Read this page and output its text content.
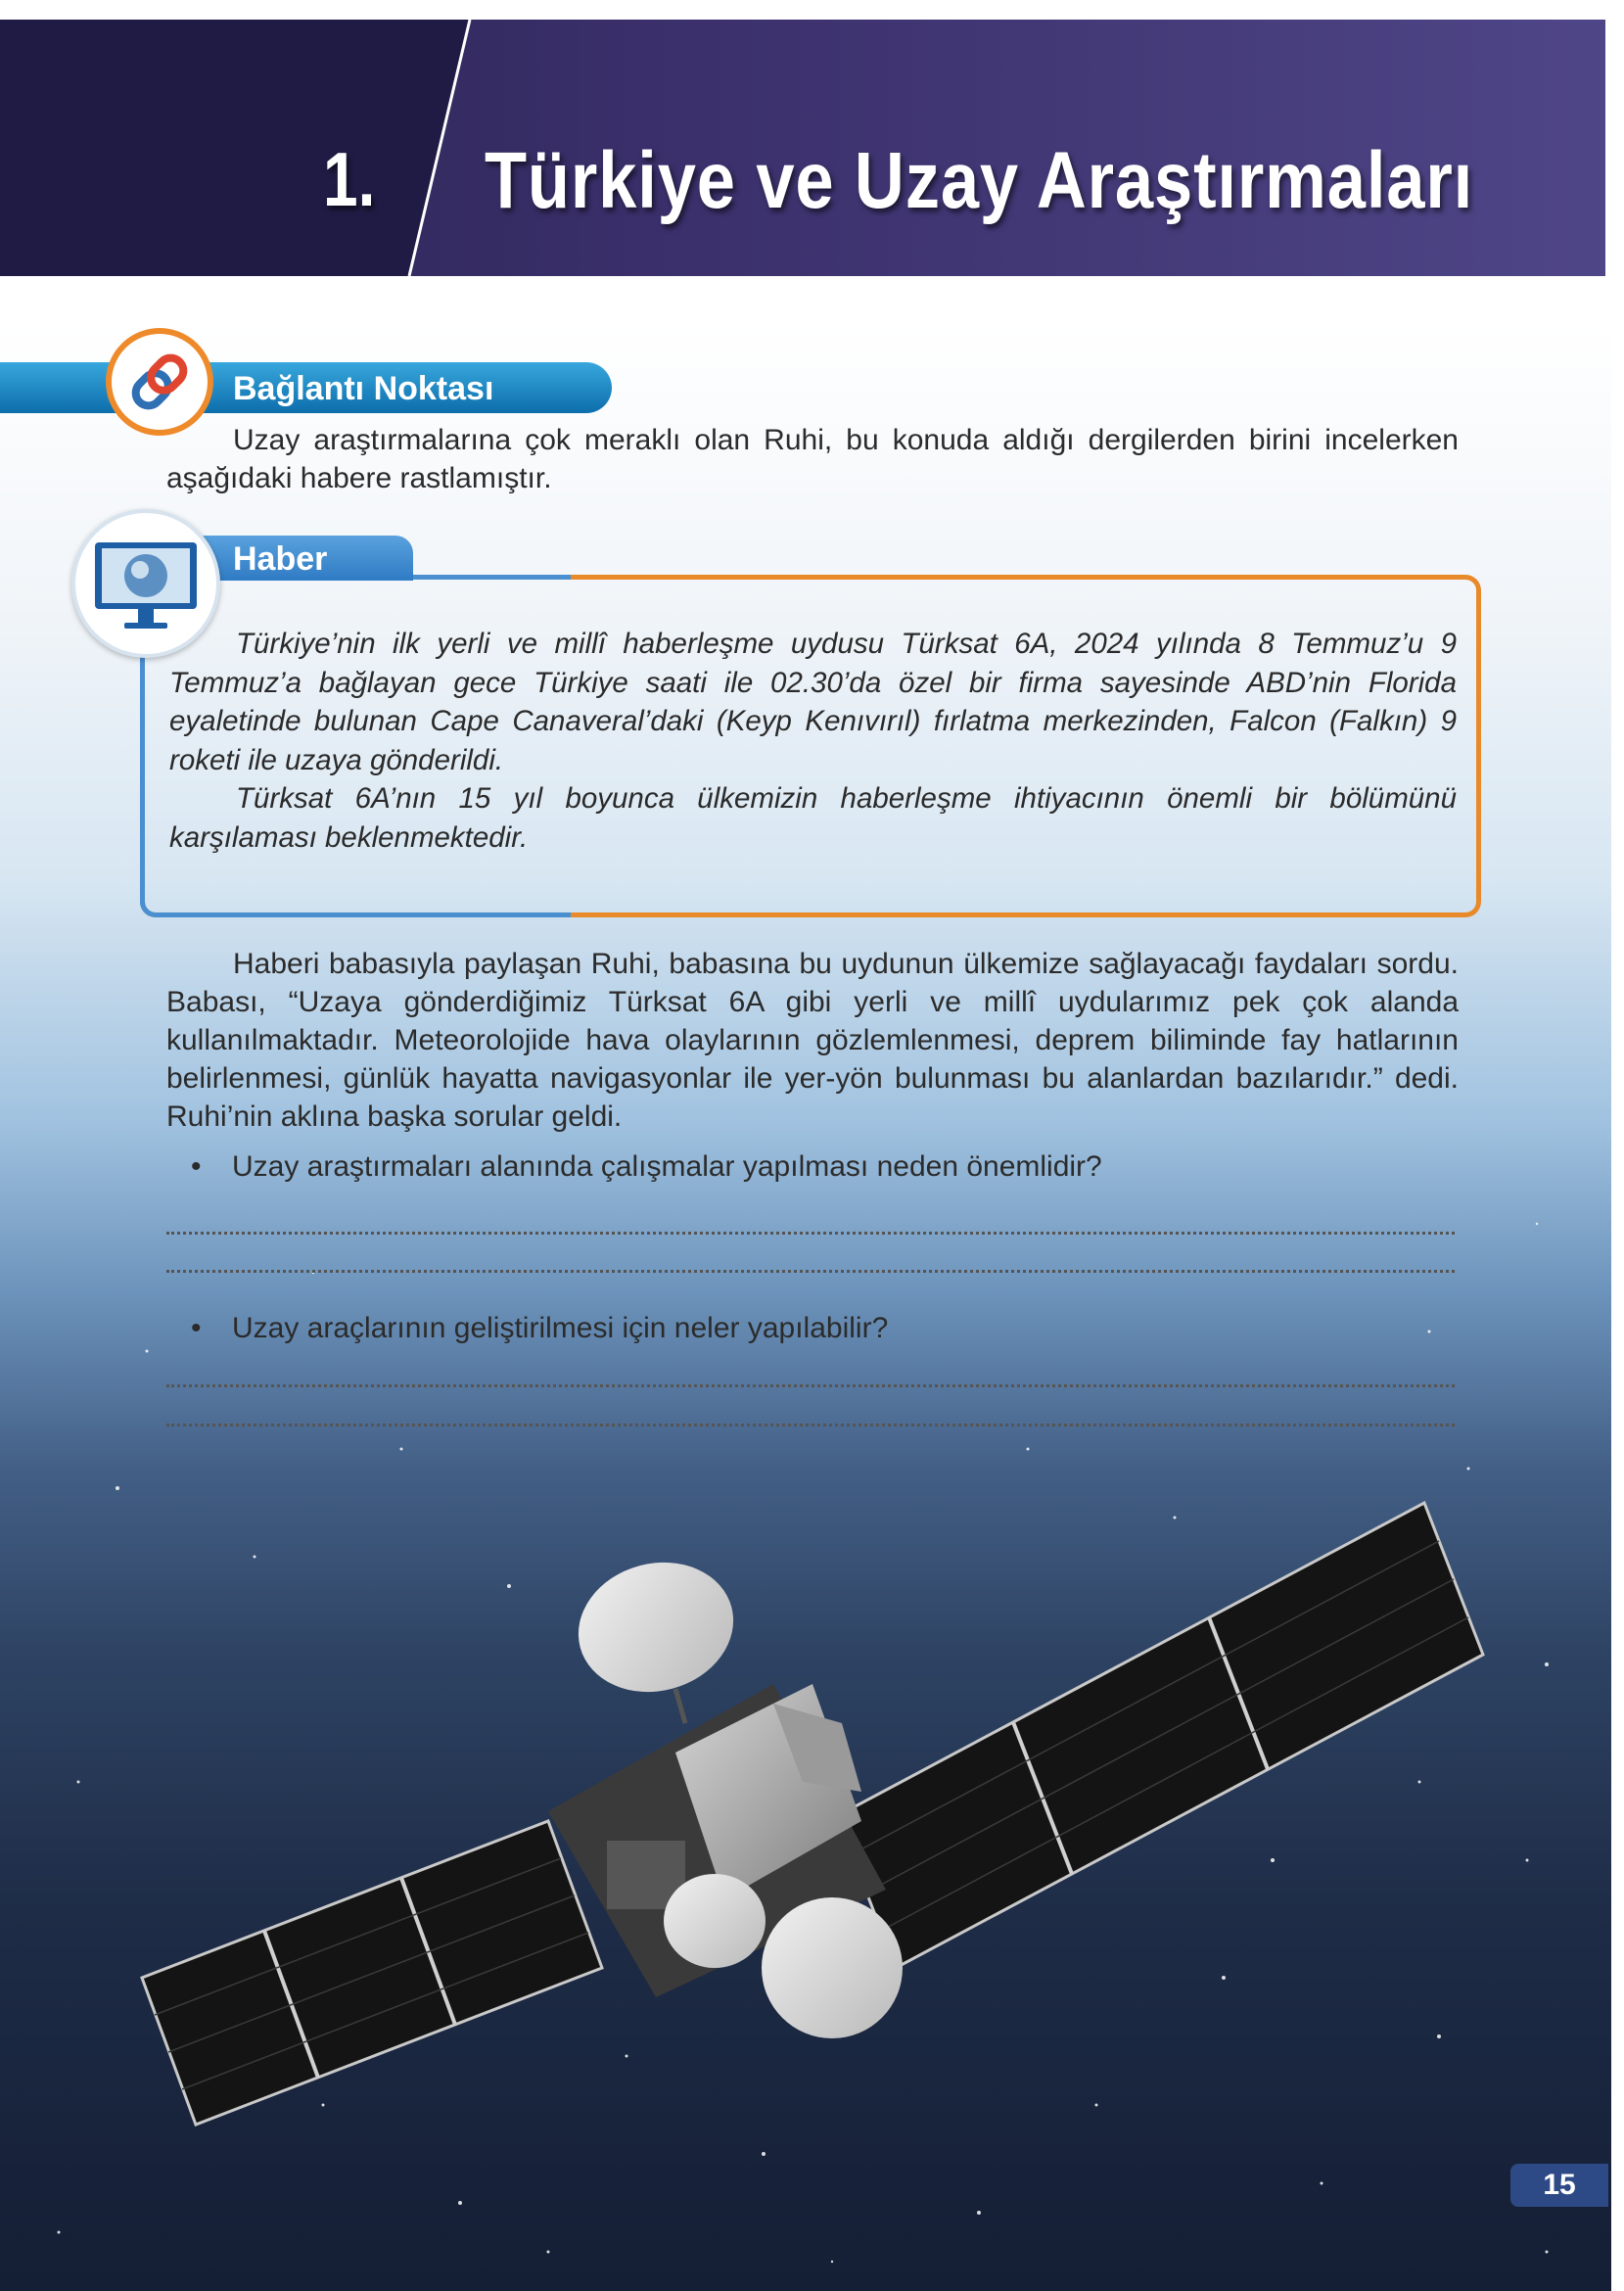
1. Türkiye ve Uzay Araştırmaları
Bağlantı Noktası

Uzay araştırmalarına çok meraklı olan Ruhi, bu konuda aldığı dergilerden birini incelerken aşağıdaki habere rastlamıştır.

Haber

Türkiye’nin ilk yerli ve millî haberleşme uydusu Türksat 6A, 2024 yılında 8 Temmuz’u 9 Temmuz’a bağlayan gece Türkiye saati ile 02.30’da özel bir firma sayesinde ABD’nin Florida eyaletinde bulunan Cape Canaveral’daki (Keyp Kenıvırıl) fırlatma merkezinden, Falcon (Falkın) 9 roketi ile uzaya gönderildi.

Türksat 6A’nın 15 yıl boyunca ülkemizin haberleşme ihtiyacının önemli bir bölümünü karşılaması beklenmektedir.

Haberi babasıyla paylaşan Ruhi, babasına bu uydunun ülkemize sağlayacağı faydaları sordu. Babası, “Uzaya gönderdiğimiz Türksat 6A gibi yerli ve millî uydularımız pek çok alanda kullanılmaktadır. Meteorolojide hava olaylarının gözlemlenmesi, deprem biliminde fay hatlarının belirlenmesi, günlük hayatta navigasyonlar ile yer-yön bulunması bu alanlardan bazılarıdır.” dedi. Ruhi’nin aklına başka sorular geldi.

• Uzay araştırmaları alanında çalışmalar yapılması neden önemlidir?
• Uzay araçlarının geliştirilmesi için neler yapılabilir?
15
